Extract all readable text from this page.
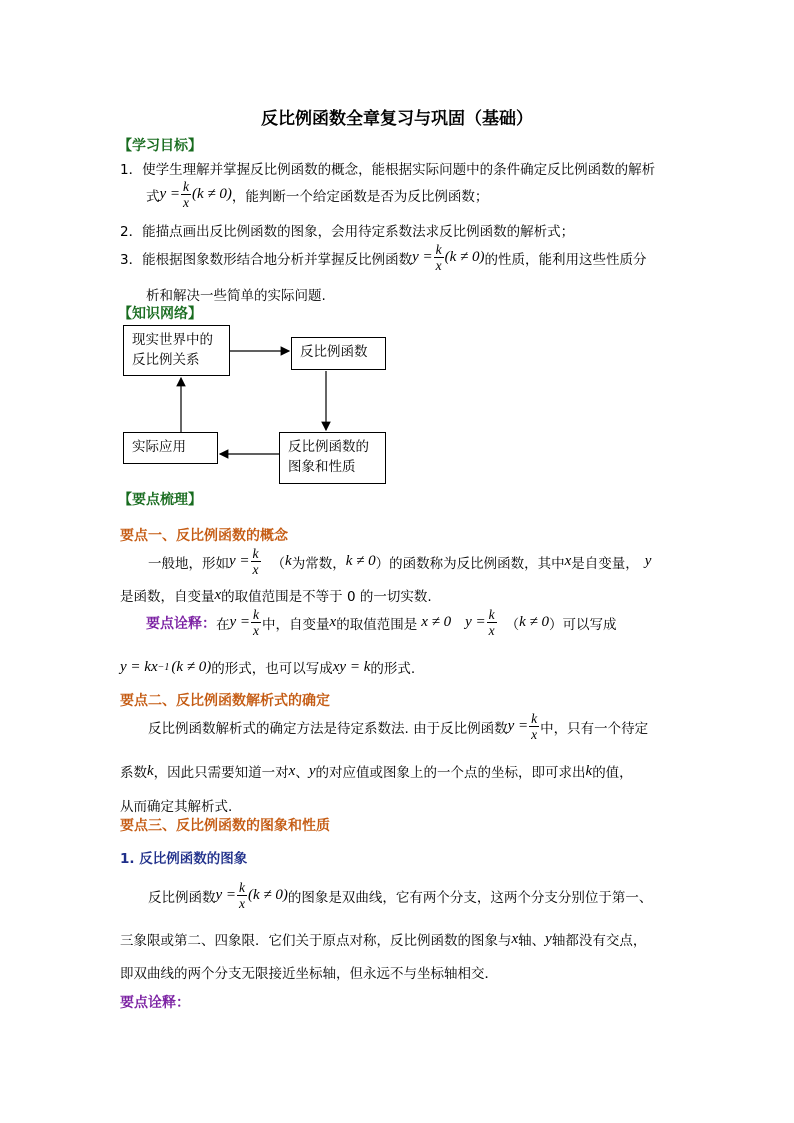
反比例函数全章复习与巩固（基础）
【学习目标】
1．使学生理解并掌握反比例函数的概念，能根据实际问题中的条件确定反比例函数的解析
式 $y = \frac{k}{x} (k \ne 0)$ ，能判断一个给定函数是否为反比例函数；
2．能描点画出反比例函数的图象，会用待定系数法求反比例函数的解析式；
3．能根据图象数形结合地分析并掌握反比例函数 $y = \frac{k}{x} (k \ne 0)$ 的性质，能利用这些性质分
析和解决一些简单的实际问题.
【知识网络】
现实世界中的
反比例关系	反比例函数
反比例函数的
图象和性质
实际应用
【要点梳理】
要点一、反比例函数的概念
一般地，形如 $y = \frac{k}{x}$ （ k 为常数， k ≠ 0 ）的函数称为反比例函数，其中 x 是自变量， y
是函数，自变量 x 的取值范围是不等于 0 的一切实数.
要点诠释： 在 $y = \frac{k}{x}$ 中，自变量 x 的取值范围是 x ≠ 0 $y = \frac{k}{x}$ （ k ≠ 0 ）可以写成
y = kx −1 (k ≠ 0) 的形式，也可以写成 xy = k 的形式.
要点二、反比例函数解析式的确定
反比例函数解析式的确定方法是待定系数法. 由于反比例函数 $y = \frac{k}{x}$ 中，只有一个待定
系数 k ，因此只需要知道一对 x 、 y 的对应值或图象上的一个点的坐标，即可求出 k 的值，
从而确定其解析式.
要点三、反比例函数的图象和性质
1. 反比例函数的图象
反比例函数 $y = \frac{k}{x} (k \ne 0)$ 的图象是双曲线，它有两个分支，这两个分支分别位于第一、
三象限或第二、四象限．它们关于原点对称，反比例函数的图象与 x 轴、 y 轴都没有交点，
即双曲线的两个分支无限接近坐标轴，但永远不与坐标轴相交．
要点诠释：
